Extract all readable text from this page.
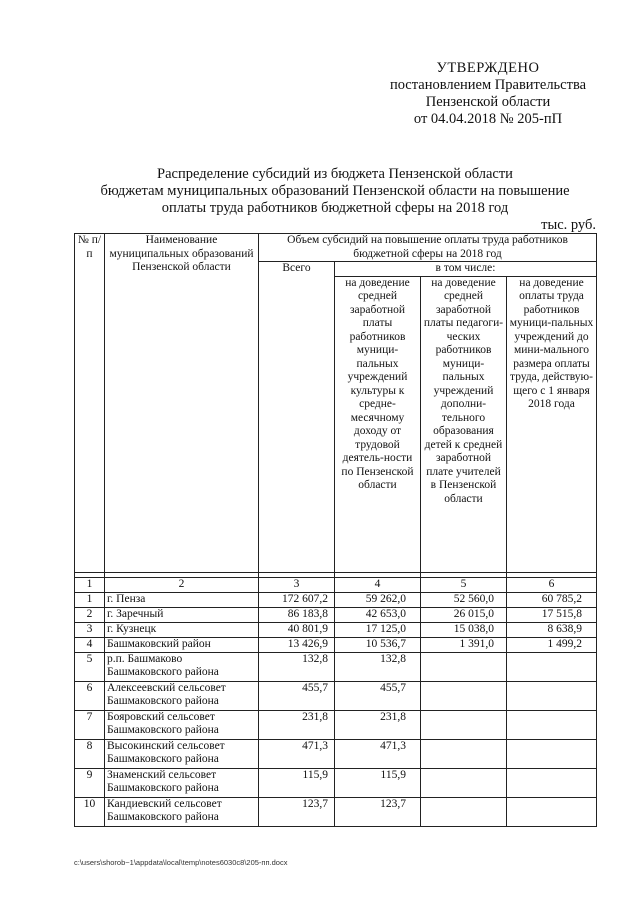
УТВЕРЖДЕНО
постановлением Правительства
Пензенской области
от 04.04.2018 № 205-пП
Распределение субсидий из бюджета Пензенской области
бюджетам муниципальных образований Пензенской области на повышение
оплаты труда работников бюджетной сферы на 2018 год
тыс. руб.
№ п/п	Наименование муниципальных образований Пензенской области	Объем субсидий на повышение оплаты труда работников бюджетной сферы на 2018 год			
		Всего	в том числе:		
			на доведение средней заработной платы работников муници-пальных учреждений культуры к средне-месячному доходу от трудовой деятель-ности по Пензенской области	на доведение средней заработной платы педагоги-ческих работников муници-пальных учреждений дополни-тельного образования детей к средней заработной плате учителей в Пензенской области	на доведение оплаты труда работников муници-пальных учреждений до мини-мального размера оплаты труда, действую-щего с 1 января 2018 года

1	2	3	4	5	6
1	г. Пенза	172 607,2	59 262,0	52 560,0	60 785,2
2	г. Заречный	86 183,8	42 653,0	26 015,0	17 515,8
3	г. Кузнецк	40 801,9	17 125,0	15 038,0	8 638,9
4	Башмаковский район	13 426,9	10 536,7	1 391,0	1 499,2
5	р.п. Башмаково Башмаковского района	132,8	132,8		
6	Алексеевский сельсовет Башмаковского района	455,7	455,7		
7	Бояровский сельсовет Башмаковского района	231,8	231,8		
8	Высокинский сельсовет Башмаковского района	471,3	471,3		
9	Знаменский сельсовет Башмаковского района	115,9	115,9		
10	Кандиевский сельсовет Башмаковского района	123,7	123,7		
c:\users\shorob~1\appdata\local\temp\notes6030c8\205-пп.docx
